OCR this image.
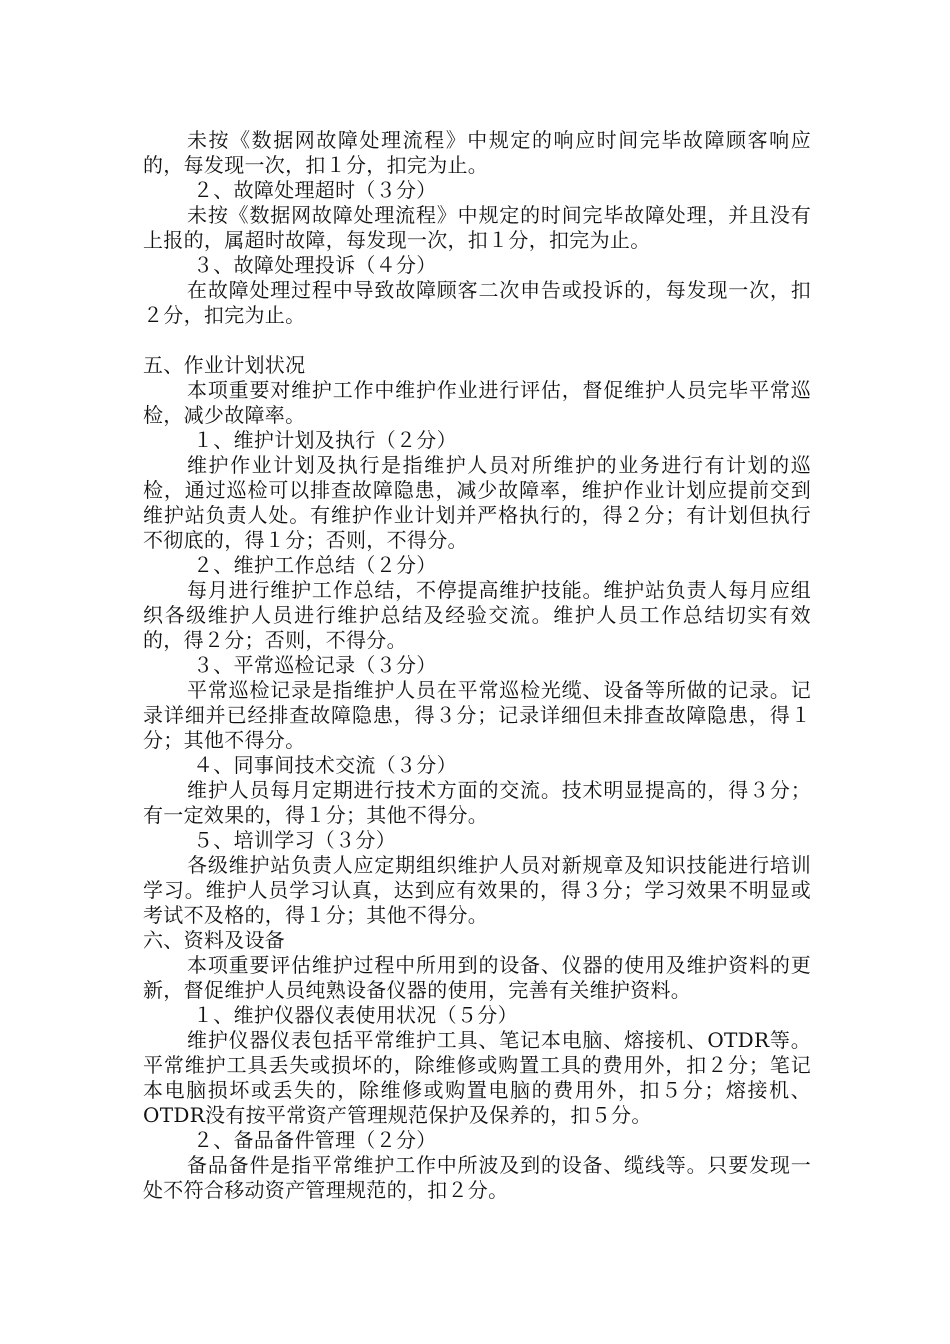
未按《数据网故障处理流程》中规定的响应时间完毕故障顾客响应的，每发现一次，扣１分，扣完为止。

２、故障处理超时（３分）

未按《数据网故障处理流程》中规定的时间完毕故障处理，并且没有上报的，属超时故障，每发现一次，扣１分，扣完为止。

３、故障处理投诉（４分）

在故障处理过程中导致故障顾客二次申告或投诉的，每发现一次，扣２分，扣完为止。

五、作业计划状况

本项重要对维护工作中维护作业进行评估，督促维护人员完毕平常巡检，减少故障率。

１、维护计划及执行（２分）

维护作业计划及执行是指维护人员对所维护的业务进行有计划的巡检，通过巡检可以排查故障隐患，减少故障率，维护作业计划应提前交到维护站负责人处。有维护作业计划并严格执行的，得２分；有计划但执行不彻底的，得１分；否则，不得分。

２、维护工作总结（２分）

每月进行维护工作总结，不停提高维护技能。维护站负责人每月应组织各级维护人员进行维护总结及经验交流。维护人员工作总结切实有效的，得２分；否则，不得分。

３、平常巡检记录（３分）

平常巡检记录是指维护人员在平常巡检光缆、设备等所做的记录。记录详细并已经排查故障隐患，得３分；记录详细但未排查故障隐患，得１分；其他不得分。

４、同事间技术交流（３分）

维护人员每月定期进行技术方面的交流。技术明显提高的，得３分；有一定效果的，得１分；其他不得分。

５、培训学习（３分）

各级维护站负责人应定期组织维护人员对新规章及知识技能进行培训学习。维护人员学习认真，达到应有效果的，得３分；学习效果不明显或考试不及格的，得１分；其他不得分。

六、资料及设备

本项重要评估维护过程中所用到的设备、仪器的使用及维护资料的更新，督促维护人员纯熟设备仪器的使用，完善有关维护资料。

１、维护仪器仪表使用状况（５分）

维护仪器仪表包括平常维护工具、笔记本电脑、熔接机、OTDR等。平常维护工具丢失或损坏的，除维修或购置工具的费用外，扣２分；笔记本电脑损坏或丢失的，除维修或购置电脑的费用外，扣５分；熔接机、OTDR没有按平常资产管理规范保护及保养的，扣５分。

２、备品备件管理（２分）

备品备件是指平常维护工作中所波及到的设备、缆线等。只要发现一处不符合移动资产管理规范的，扣２分。
